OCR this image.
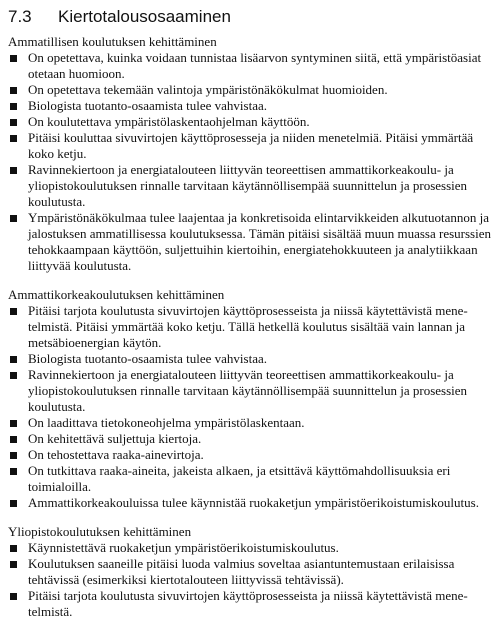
7.3 Kiertotalousosaaminen

Ammatillisen koulutuksen kehittäminen

On opetettava, kuinka voidaan tunnistaa lisäarvon syntyminen siitä, että ympäristöasiat otetaan huomioon.
On opetettava tekemään valintoja ympäristönäkökulmat huomioiden.
Biologista tuotanto-osaamista tulee vahvistaa.
On koulutettava ympäristölaskentaohjelman käyttöön.
Pitäisi kouluttaa sivuvirtojen käyttöprosesseja ja niiden menetelmiä. Pitäisi ymmärtää koko ketju.
Ravinnekiertoon ja energiatalouteen liittyvän teoreettisen ammattikorkeakoulu- ja yliopistokoulutuksen rinnalle tarvitaan käytännöllisempää suunnittelun ja prosessien koulutusta.
Ympäristönäkökulmaa tulee laajentaa ja konkretisoida elintarvikkeiden alkutuotannon ja jalostuksen ammatillisessa koulutuksessa. Tämän pitäisi sisältää muun muassa resurssien tehokkaampaan käyttöön, suljettuihin kiertoihin, energiatehokkuuteen ja analytiikkaan liittyvää koulutusta.

Ammattikorkeakoulutuksen kehittäminen

Pitäisi tarjota koulutusta sivuvirtojen käyttöprosesseista ja niissä käytettävistä menetelmistä. Pitäisi ymmärtää koko ketju. Tällä hetkellä koulutus sisältää vain lannan ja metsäbioenergian käytön.
Biologista tuotanto-osaamista tulee vahvistaa.
Ravinnekiertoon ja energiatalouteen liittyvän teoreettisen ammattikorkeakoulu- ja yliopistokoulutuksen rinnalle tarvitaan käytännöllisempää suunnittelun ja prosessien koulutusta.
On laadittava tietokoneohjelma ympäristölaskentaan.
On kehitettävä suljettuja kiertoja.
On tehostettava raaka-ainevirtoja.
On tutkittava raaka-aineita, jakeista alkaen, ja etsittävä käyttömahdollisuuksia eri toimialoilla.
Ammattikorkeakouluissa tulee käynnistää ruokaketjun ympäristöerikoistumiskoulutus.

Yliopistokoulutuksen kehittäminen

Käynnistettävä ruokaketjun ympäristöerikoistumiskoulutus.
Koulutuksen saaneille pitäisi luoda valmius soveltaa asiantuntemustaan erilaisissa tehtävissä (esimerkiksi kiertotalouteen liittyvissä tehtävissä).
Pitäisi tarjota koulutusta sivuvirtojen käyttöprosesseista ja niissä käytettävistä menetelmistä.
